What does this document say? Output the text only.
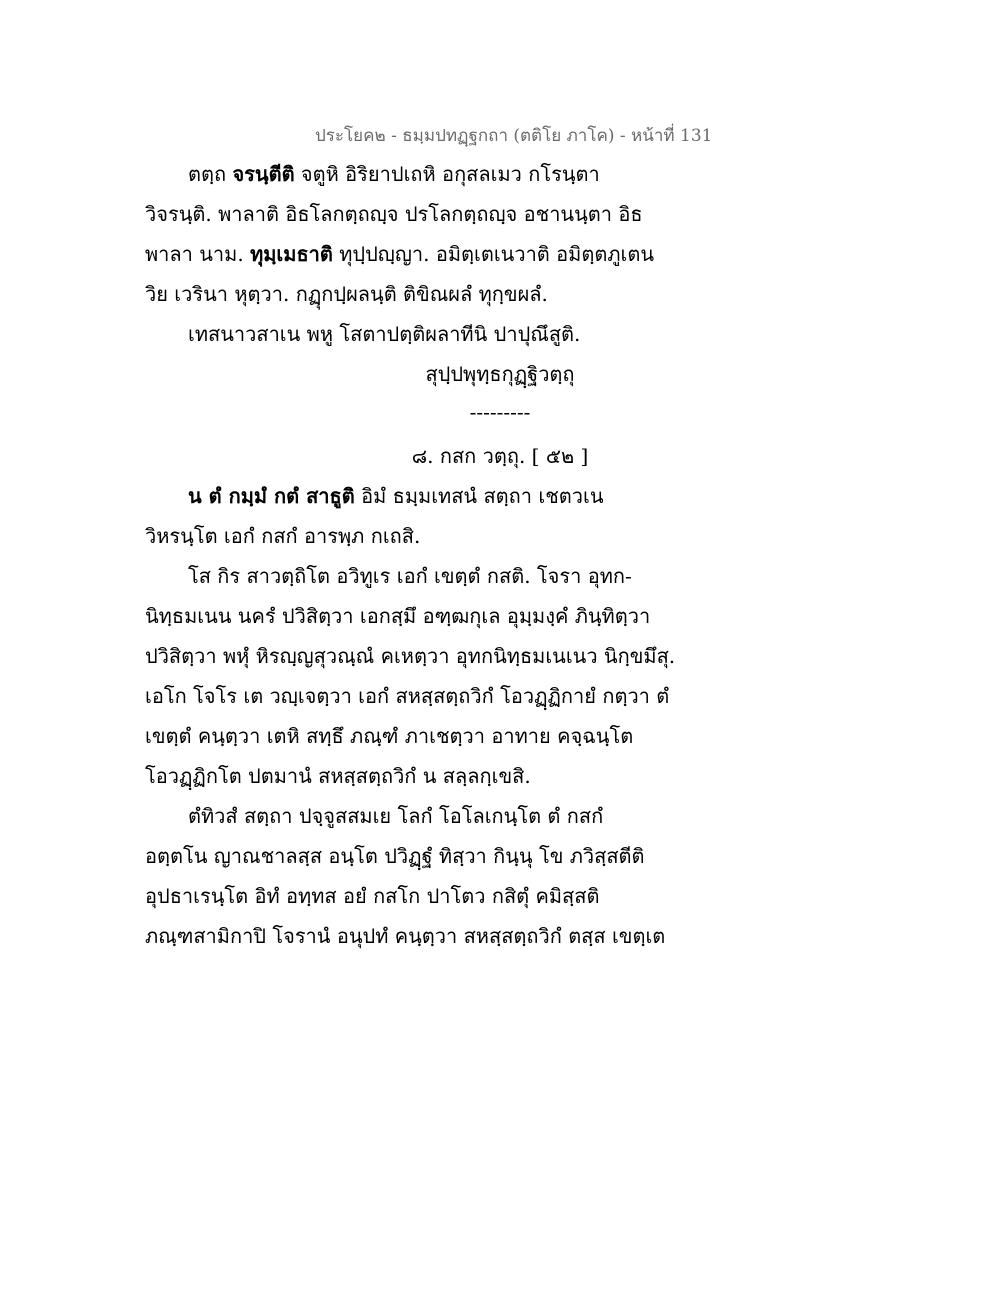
ประโยค๒ - ธมฺมปทฏฺฐกถา (ตติโย ภาโค) - หน้าที่ 131
ตตฺถ จรนฺตีติ จตูหิ อิริยาปเถหิ อกุสลเมว กโรนฺตา
วิจรนฺติ. พาลาติ อิธโลกตฺถญฺจ ปรโลกตฺถญฺจ อชานนฺตา อิธ
พาลา นาม. ทุมฺเมธาติ ทุปฺปญฺญา. อมิตฺเตเนวาติ อมิตฺตภูเตน
วิย เวรินา หุตฺวา. กฏุกปฺผลนฺติ ติขิณผลํ ทุกฺขผลํ.
เทสนาวสาเน พหู โสตาปตฺติผลาทีนิ ปาปุณึสูติ.
สุปฺปพุทฺธกุฏฺฐิวตฺถุ
---------
๘. กสก วตฺถุ. [ ๕๒ ]
น ตํ กมฺมํ กตํ สาธูติ อิมํ ธมฺมเทสนํ สตฺถา เชตวเน
วิหรนฺโต เอกํ กสกํ อารพฺภ กเถสิ.
โส กิร สาวตฺถิโต อวิทูเร เอกํ เขตฺตํ กสติ. โจรา อุทก-
นิทฺธมเนน นครํ ปวิสิตฺวา เอกสฺมึ อฑฺฒกุเล อุมฺมงฺคํ ภินฺทิตฺวา
ปวิสิตฺวา พหุํ หิรญฺญสุวณฺณํ คเหตฺวา อุทกนิทฺธมเนเนว นิกฺขมึสุ.
เอโก โจโร เต วญฺเจตฺวา เอกํ สหสฺสตฺถวิกํ โอวฏฺฏิกายํ กตฺวา ตํ
เขตฺตํ คนฺตฺวา เตหิ สทฺธึ ภณฺฑํ ภาเชตฺวา อาทาย คจฺฉนฺโต
โอวฏฺฏิกโต ปตมานํ สหสฺสตฺถวิกํ น สลฺลกฺเขสิ.
ตํทิวสํ สตฺถา ปจฺจูสสมเย โลกํ โอโลเกนฺโต ตํ กสกํ
อตฺตโน ญาณชาลสฺส อนฺโต ปวิฏฺฐํ ทิสฺวา กินฺนุ โข ภวิสฺสตีติ
อุปธาเรนฺโต อิทํ อทฺทส อยํ กสโก ปาโตว กสิตุํ คมิสฺสติ
ภณฺฑสามิกาปิ โจรานํ อนุปทํ คนฺตฺวา สหสฺสตฺถวิกํ ตสฺส เขตฺเต
